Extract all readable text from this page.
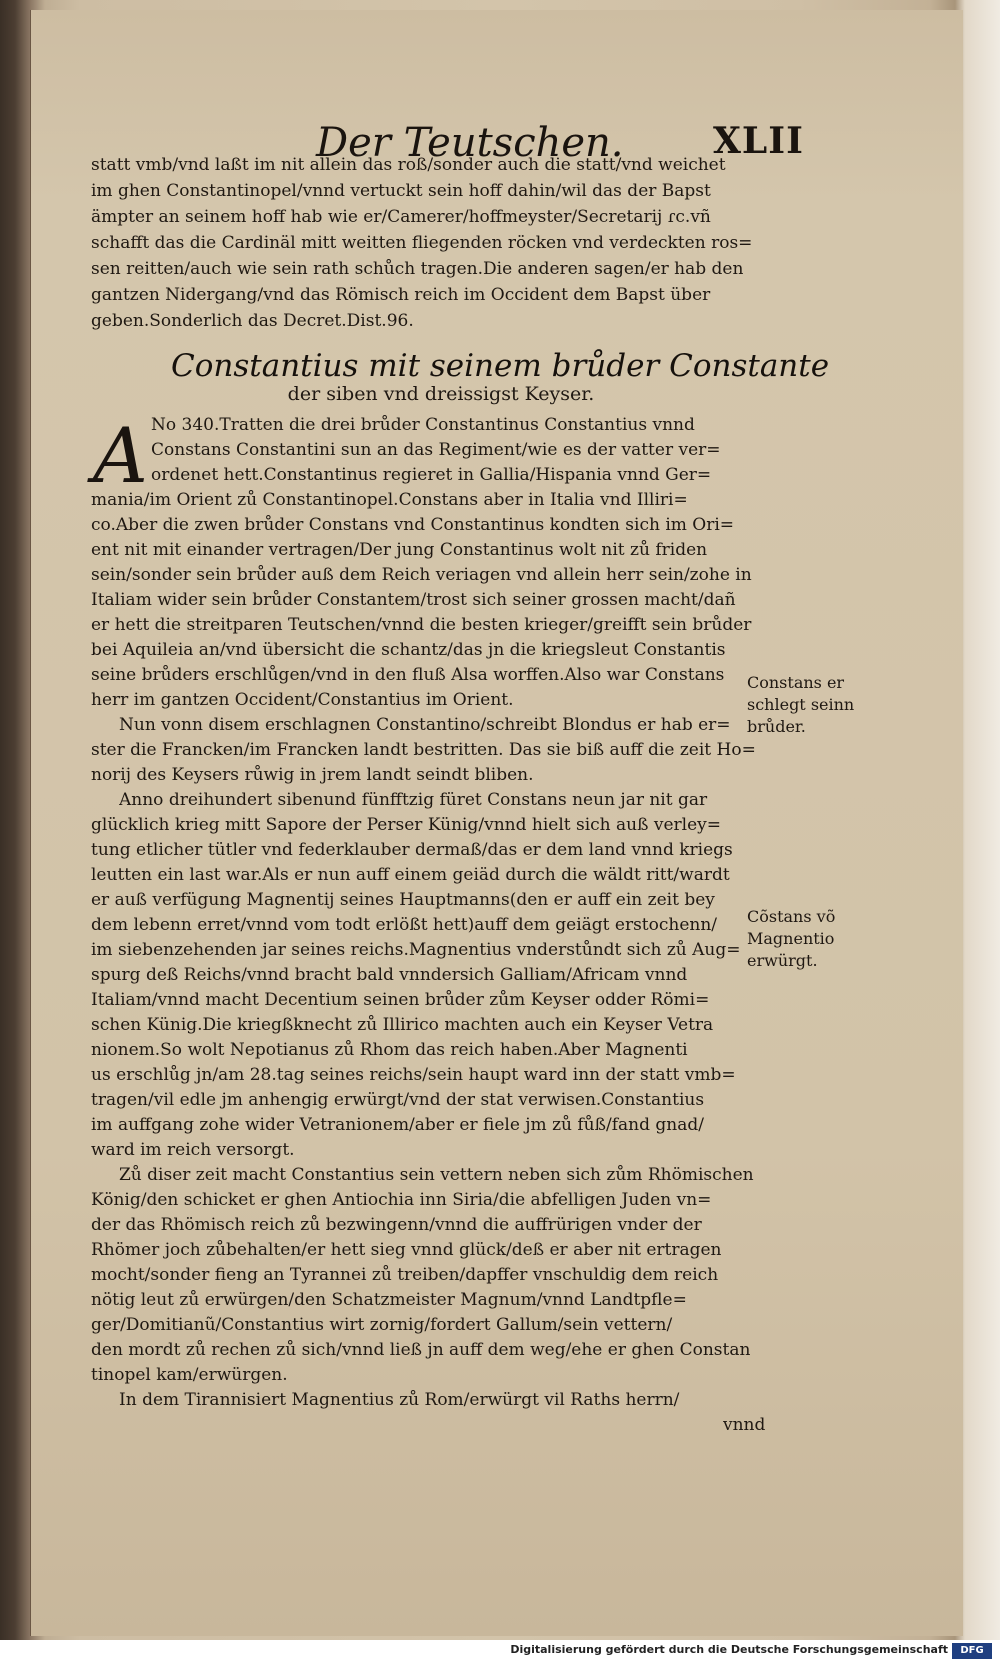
Der Teutschen. XLII
statt vmb/vnd laßt im nit allein das roß/sonder auch die statt/vnd weichet
im ghen Constantinopel/vnnd vertuckt sein hoff dahin/wil das der Bapst
ämpter an seinem hoff hab wie er/Camerer/hoffmeyster/Secretarij ɾc.vñ
schafft das die Cardinäl mitt weitten fliegenden röcken vnd verdeckten ros=
sen reitten/auch wie sein rath schůch tragen.Die anderen sagen/er hab den
gantzen Nidergang/vnd das Römisch reich im Occident dem Bapst über
geben.Sonderlich das Decret.Dist.96.
No 340.Tratten die drei brůder Constantinus Constantius vnnd
Constans Constantini sun an das Regiment/wie es der vatter ver=
ordenet hett.Constantinus regieret in Gallia/Hispania vnnd Ger=
mania/im Orient zů Constantinopel.Constans aber in Italia vnd Illiri=
co.Aber die zwen brůder Constans vnd Constantinus kondten sich im Ori=
ent nit mit einander vertragen/Der jung Constantinus wolt nit zů friden
sein/sonder sein brůder auß dem Reich veriagen vnd allein herr sein/zohe in
Italiam wider sein brůder Constantem/trost sich seiner grossen macht/dañ
er hett die streitparen Teutschen/vnnd die besten krieger/greifft sein brůder
bei Aquileia an/vnd übersicht die schantz/das jn die kriegsleut Constantis
seine brůders erschlůgen/vnd in den fluß Alsa worffen.Also war Constans
herr im gantzen Occident/Constantius im Orient.
Nun vonn disem erschlagnen Constantino/schreibt Blondus er hab er=
ster die Francken/im Francken landt bestritten. Das sie biß auff die zeit Ho=
norij des Keysers růwig in jrem landt seindt bliben.
Anno dreihundert sibenund fünfftzig füret Constans neun jar nit gar
glücklich krieg mitt Sapore der Perser Künig/vnnd hielt sich auß verley=
tung etlicher tütler vnd federklauber dermaß/das er dem land vnnd kriegs
leutten ein last war.Als er nun auff einem geiäd durch die wäldt ritt/wardt
er auß verfügung Magnentij seines Hauptmanns(den er auff ein zeit bey
dem lebenn erret/vnnd vom todt erlößt hett)auff dem geiägt erstochenn/
im siebenzehenden jar seines reichs.Magnentius vnderstůndt sich zů Aug=
spurg deß Reichs/vnnd bracht bald vnndersich Galliam/Africam vnnd
Italiam/vnnd macht Decentium seinen brůder zům Keyser odder Römi=
schen Künig.Die kriegßknecht zů Illirico machten auch ein Keyser Vetra
nionem.So wolt Nepotianus zů Rhom das reich haben.Aber Magnenti
us erschlůg jn/am 28.tag seines reichs/sein haupt ward inn der statt vmb=
tragen/vil edle jm anhengig erwürgt/vnd der stat verwisen.Constantius
im auffgang zohe wider Vetranionem/aber er fiele jm zů fůß/fand gnad/
ward im reich versorgt.
Zů diser zeit macht Constantius sein vettern neben sich zům Rhömischen
König/den schicket er ghen Antiochia inn Siria/die abfelligen Juden vn=
der das Rhömisch reich zů bezwingenn/vnnd die auffrürigen vnder der
Rhömer joch zůbehalten/er hett sieg vnnd glück/deß er aber nit ertragen
mocht/sonder fieng an Tyrannei zů treiben/dapffer vnschuldig dem reich
nötig leut zů erwürgen/den Schatzmeister Magnum/vnnd Landtpfle=
ger/Domitianũ/Constantius wirt zornig/fordert Gallum/sein vettern/
den mordt zů rechen zů sich/vnnd ließ jn auff dem weg/ehe er ghen Constan
tinopel kam/erwürgen.
In dem Tirannisiert Magnentius zů Rom/erwürgt vil Raths herrn/
vnnd
Constantius mit seinem brůder Constante
der siben vnd dreissigst Keyser.
A
Constans er
schlegt seinn
brůder.
Cõstans võ
Magnentio
erwürgt.
Digitalisierung gefördert durch die Deutsche Forschungsgemeinschaft	DFG
